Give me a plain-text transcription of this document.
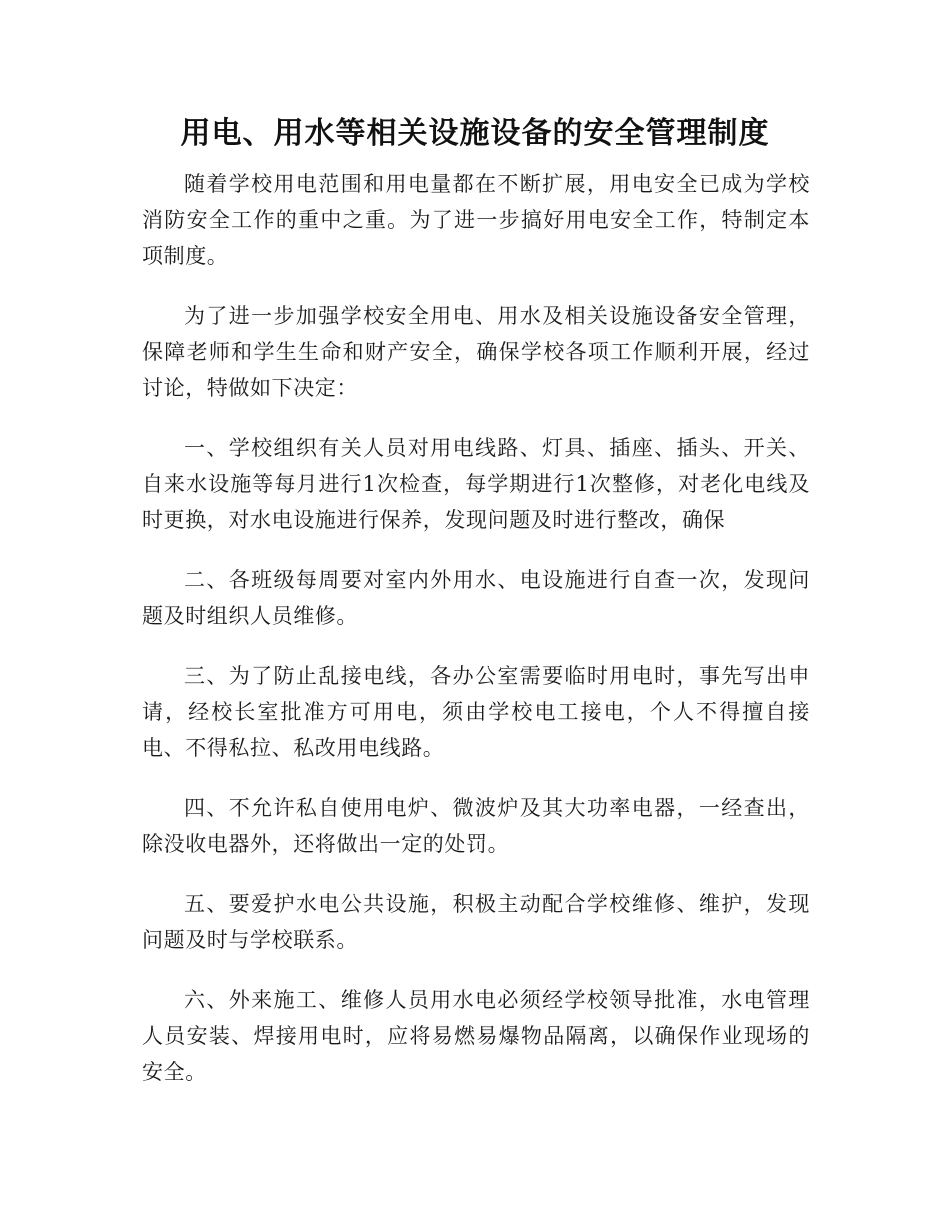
用电、用水等相关设施设备的安全管理制度

随着学校用电范围和用电量都在不断扩展，用电安全已成为学校消防安全工作的重中之重。为了进一步搞好用电安全工作，特制定本项制度。

为了进一步加强学校安全用电、用水及相关设施设备安全管理，保障老师和学生生命和财产安全，确保学校各项工作顺利开展，经过讨论，特做如下决定：

一、学校组织有关人员对用电线路、灯具、插座、插头、开关、自来水设施等每月进行1次检查，每学期进行1次整修，对老化电线及时更换，对水电设施进行保养，发现问题及时进行整改，确保

二、各班级每周要对室内外用水、电设施进行自查一次，发现问题及时组织人员维修。

三、为了防止乱接电线，各办公室需要临时用电时，事先写出申请，经校长室批准方可用电，须由学校电工接电，个人不得擅自接电、不得私拉、私改用电线路。

四、不允许私自使用电炉、微波炉及其大功率电器，一经查出，除没收电器外，还将做出一定的处罚。

五、要爱护水电公共设施，积极主动配合学校维修、维护，发现问题及时与学校联系。

六、外来施工、维修人员用水电必须经学校领导批准，水电管理人员安装、焊接用电时，应将易燃易爆物品隔离，以确保作业现场的安全。
